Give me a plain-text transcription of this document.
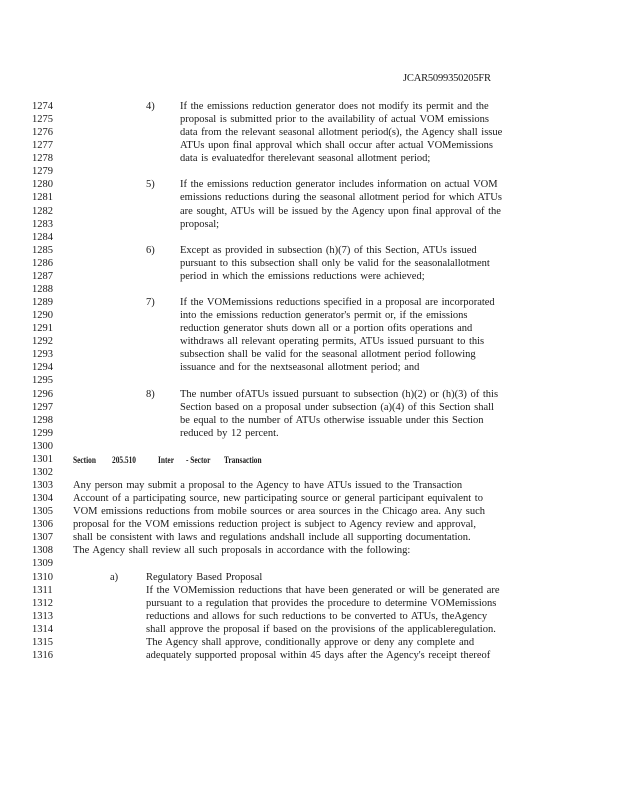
JCAR5099350205FR
1274
1275
1276
1277
1278
1279
1280
1281
1282
1283
1284
1285
1286
1287
1288
1289
1290
1291
1292
1293
1294
1295
1296
1297
1298
1299
1300
1301
1302
1303
1304
1305
1306
1307
1308
1309
1310
1311
1312
1313
1314
1315
1316
4) If the emissions reduction generator does not modify its permit and the
proposal is submitted prior to the availability of actual VOM emissions
data from the relevant seasonal allotment period(s), the Agency shall issue
ATUs upon final approval which shall occur after actual VOMemissions
data is evaluatedfor therelevant seasonal allotment period;
5) If the emissions reduction generator includes information on actual VOM
emissions reductions during the seasonal allotment period for which ATUs
are sought, ATUs will be issued by the Agency upon final approval of the
proposal;
6) Except as provided in subsection (h)(7) of this Section, ATUs issued
pursuant to this subsection shall only be valid for the seasonalallotment
period in which the emissions reductions were achieved;
7) If the VOMemissions reductions specified in a proposal are incorporated
into the emissions reduction generator's permit or, if the emissions
reduction generator shuts down all or a portion ofits operations and
withdraws all relevant operating permits, ATUs issued pursuant to this
subsection shall be valid for the seasonal allotment period following
issuance and for the nextseasonal allotment period; and
8) The number ofATUs issued pursuant to subsection (h)(2) or (h)(3) of this
Section based on a proposal under subsection (a)(4) of this Section shall
be equal to the number of ATUs otherwise issuable under this Section
reduced by 12 percent.
Section 205.510 Inter - Sector Transaction
Any person may submit a proposal to the Agency to have ATUs issued to the Transaction
Account of a participating source, new participating source or general participant equivalent to
VOM emissions reductions from mobile sources or area sources in the Chicago area. Any such
proposal for the VOM emissions reduction project is subject to Agency review and approval,
shall be consistent with laws and regulations andshall include all supporting documentation.
The Agency shall review all such proposals in accordance with the following:
a)	Regulatory Based Proposal
If the VOMemission reductions that have been generated or will be generated are
pursuant to a regulation that provides the procedure to determine VOMemissions
reductions and allows for such reductions to be converted to ATUs, theAgency
shall approve the proposal if based on the provisions of the applicableregulation.
The Agency shall approve, conditionally approve or deny any complete and
adequately supported proposal within 45 days after the Agency's receipt thereof
